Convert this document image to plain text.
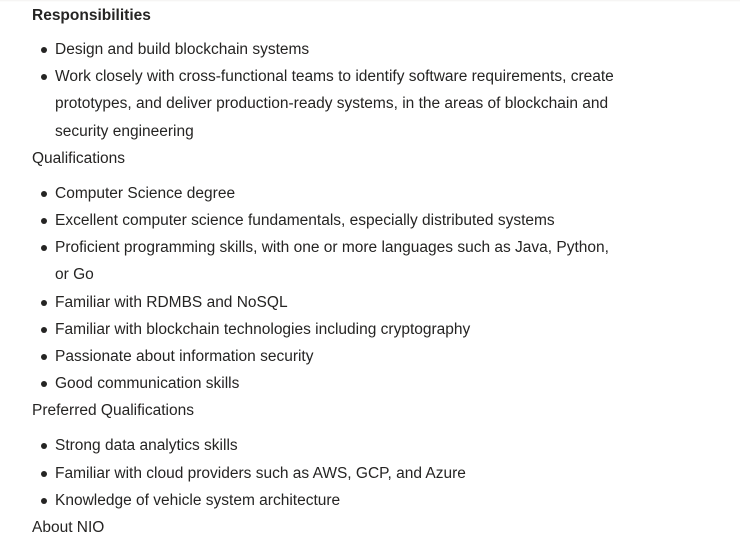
Responsibilities
Design and build blockchain systems
Work closely with cross-functional teams to identify software requirements, create prototypes, and deliver production-ready systems, in the areas of blockchain and security engineering
Qualifications
Computer Science degree
Excellent computer science fundamentals, especially distributed systems
Proficient programming skills, with one or more languages such as Java, Python, or Go
Familiar with RDMBS and NoSQL
Familiar with blockchain technologies including cryptography
Passionate about information security
Good communication skills
Preferred Qualifications
Strong data analytics skills
Familiar with cloud providers such as AWS, GCP, and Azure
Knowledge of vehicle system architecture
About NIO
